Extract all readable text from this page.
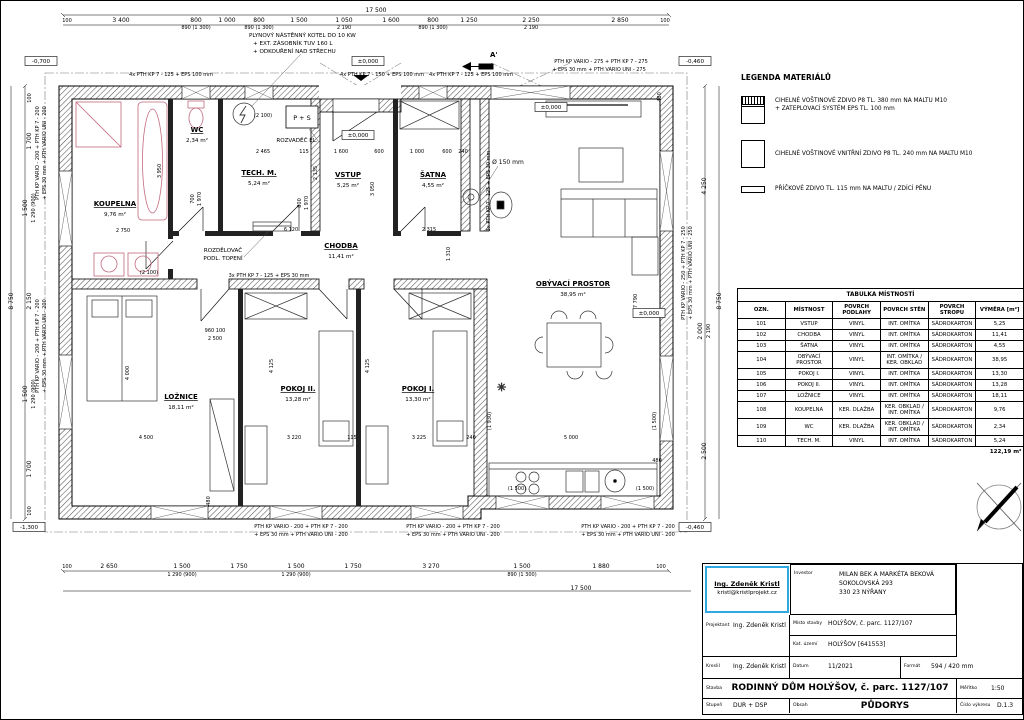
✳
A'
P + S
PLYNOVÝ NÁSTĚNNÝ KOTEL DO 10 KW
+ EXT. ZÁSOBNÍK TUV 160 L
+ ODKOUŘENÍ NAD STŘECHU
ROZVADĚČ EL.
ROZDĚLOVAČ
PODL. TOPENÍ
KOUPELNA
9,76 m²
WC
2,34 m²
TECH. M.
5,24 m²
VSTUP
5,25 m²
ŠATNA
4,55 m²
CHODBA
11,41 m²
OBÝVACÍ PROSTOR
38,95 m²
LOŽNICE
18,11 m²
POKOJ II.
13,28 m²
POKOJ I.
13,30 m²
17 500
100	3 400	800
890 (1 300)
1 000	800
890 (1 300)
1 500	1 050
2 190
1 600	800
890 (1 300)
1 250	2 250
2 190
2 850	100
100	2 650	1 500
1 290 (900)
1 750	1 500
1 290 (900)
1 750	3 270	1 500
890 (1 300)
1 880	100
17 500
100
1 700
1 500 1 290 (900)
2 150
1 500 1 290 (900)
1 700
100
8 750
4 250
2 000 2 190
2 500
8 750
2 750
3 950
(2 100)
2 465	115
2 135
1 600	600	1 000	600 240
3 050
6 120	2 315
1 310
Ø 150 mm
5 000
7 790
4 500	3 220	115	3 225	240
4 000	4 125	4 125
960 100
2 500
480
480
480
(1 930)
(1 500)	(1 500)
700 1 970	800 1 970
(2 100)
(1 500)
4x PTH KP 7 - 125 + EPS 100 mm	4x PTH KP 7 - 150 + EPS 100 mm 4x PTH KP 7 - 125 + EPS 100 mm
PTH KP VARIO - 275 + PTH KP 7 - 275
+ EPS 30 mm + PTH VARIO UNI - 275
PTH KP VARIO - 200 + PTH KP 7 - 200 + EPS 30 mm + PTH VARIO UNI - 200
PTH KP VARIO - 200 + PTH KP 7 - 200 + EPS 30 mm + PTH VARIO UNI - 200
PTH KP VARIO - 250 + PTH KP 7 - 250 + EPS 30 mm + PTH VARIO UNI - 250
PTH KP VARIO - 200 + PTH KP 7 - 200
+ EPS 30 mm + PTH VARIO UNI - 200
PTH KP VARIO - 200 + PTH KP 7 - 200
+ EPS 30 mm + PTH VARIO UNI - 200
PTH KP VARIO - 200 + PTH KP 7 - 200
+ EPS 30 mm + PTH VARIO UNI - 200
3x PTH KP 7 - 125 + EPS 30 mm
3x PTH KP 7 - 125 + EPS 30 mm
-0,700	±0,000
±0,000
±0,000
±0,000
-0,460
-0,460
-1,300
LEGENDA MATERIÁLŮ
CIHELNÉ VOŠTINOVÉ ZDIVO P8 TL. 380 mm NA MALTU M10
+ ZATEPLOVACÍ SYSTÉM EPS TL. 100 mm
CIHELNÉ VOŠTINOVÉ VNITŘNÍ ZDIVO P8 TL. 240 mm NA MALTU M10
PŘÍČKOVÉ ZDIVO TL. 115 mm NA MALTU / ZDÍCÍ PĚNU
TABULKA MÍSTNOSTÍ					
OZN.	MÍSTNOST	POVRCH PODLAHY	POVRCH STĚN	POVRCH STROPU	VÝMĚRA [m²]
101	VSTUP	VINYL	INT. OMÍTKA	SÁDROKARTON	5,25
102	CHODBA	VINYL	INT. OMÍTKA	SÁDROKARTON	11,41
103	ŠATNA	VINYL	INT. OMÍTKA	SÁDROKARTON	4,55
104	OBÝVACÍ PROSTOR	VINYL	INT. OMÍTKA / KER. OBKLAD	SÁDROKARTON	38,95
105	POKOJ I.	VINYL	INT. OMÍTKA	SÁDROKARTON	13,30
106	POKOJ II.	VINYL	INT. OMÍTKA	SÁDROKARTON	13,28
107	LOŽNICE	VINYL	INT. OMÍTKA	SÁDROKARTON	18,11
108	KOUPELNA	KER. DLAŽBA	KER. OBKLAD / INT. OMÍTKA	SÁDROKARTON	9,76
109	WC	KER. DLAŽBA	KER. OBKLAD / INT. OMÍTKA	SÁDROKARTON	2,34
110	TECH. M.	VINYL	INT. OMÍTKA	SÁDROKARTON	5,24
122,19 m²					
Ing. Zdeněk Kristl
kristl@kristlprojekt.cz
Investor	MILAN BEK A MARKÉTA BEKOVÁ
SOKOLOVSKÁ 293
330 23 NÝŘANY
Projektant Ing. Zdeněk Kristl Místo stavby HOLÝŠOV, č. parc. 1127/107
Kat. území HOLÝŠOV [641553]
Kreslil Ing. Zdeněk Kristl Datum	11/2021	Formát 594 / 420 mm
Stavba	RODINNÝ DŮM HOLÝŠOV, č. parc. 1127/107	Měřítko 1:50
Stupeň DUR + DSP	Obsah	PŮDORYS	Číslo výkresu D.1.3
